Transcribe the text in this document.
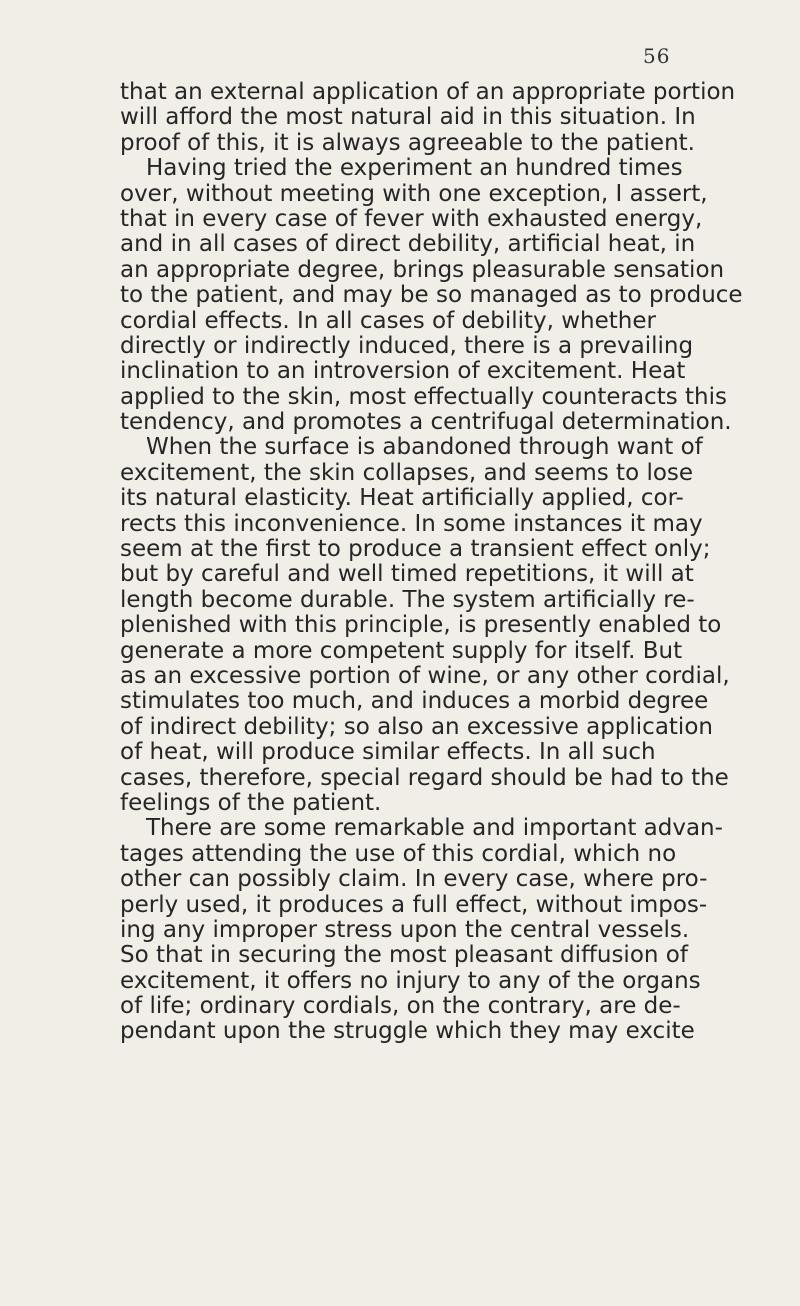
56
that an external application of an appropriate portion
will afford the most natural aid in this situation. In
proof of this, it is always agreeable to the patient.
Having tried the experiment an hundred times
over, without meeting with one exception, I assert,
that in every case of fever with exhausted energy,
and in all cases of direct debility, artificial heat, in
an appropriate degree, brings pleasurable sensation
to the patient, and may be so managed as to produce
cordial effects. In all cases of debility, whether
directly or indirectly induced, there is a prevailing
inclination to an introversion of excitement. Heat
applied to the skin, most effectually counteracts this
tendency, and promotes a centrifugal determination.
When the surface is abandoned through want of
excitement, the skin collapses, and seems to lose
its natural elasticity. Heat artificially applied, cor-
rects this inconvenience. In some instances it may
seem at the first to produce a transient effect only;
but by careful and well timed repetitions, it will at
length become durable. The system artificially re-
plenished with this principle, is presently enabled to
generate a more competent supply for itself. But
as an excessive portion of wine, or any other cordial,
stimulates too much, and induces a morbid degree
of indirect debility; so also an excessive application
of heat, will produce similar effects. In all such
cases, therefore, special regard should be had to the
feelings of the patient.
There are some remarkable and important advan-
tages attending the use of this cordial, which no
other can possibly claim. In every case, where pro-
perly used, it produces a full effect, without impos-
ing any improper stress upon the central vessels.
So that in securing the most pleasant diffusion of
excitement, it offers no injury to any of the organs
of life; ordinary cordials, on the contrary, are de-
pendant upon the struggle which they may excite
